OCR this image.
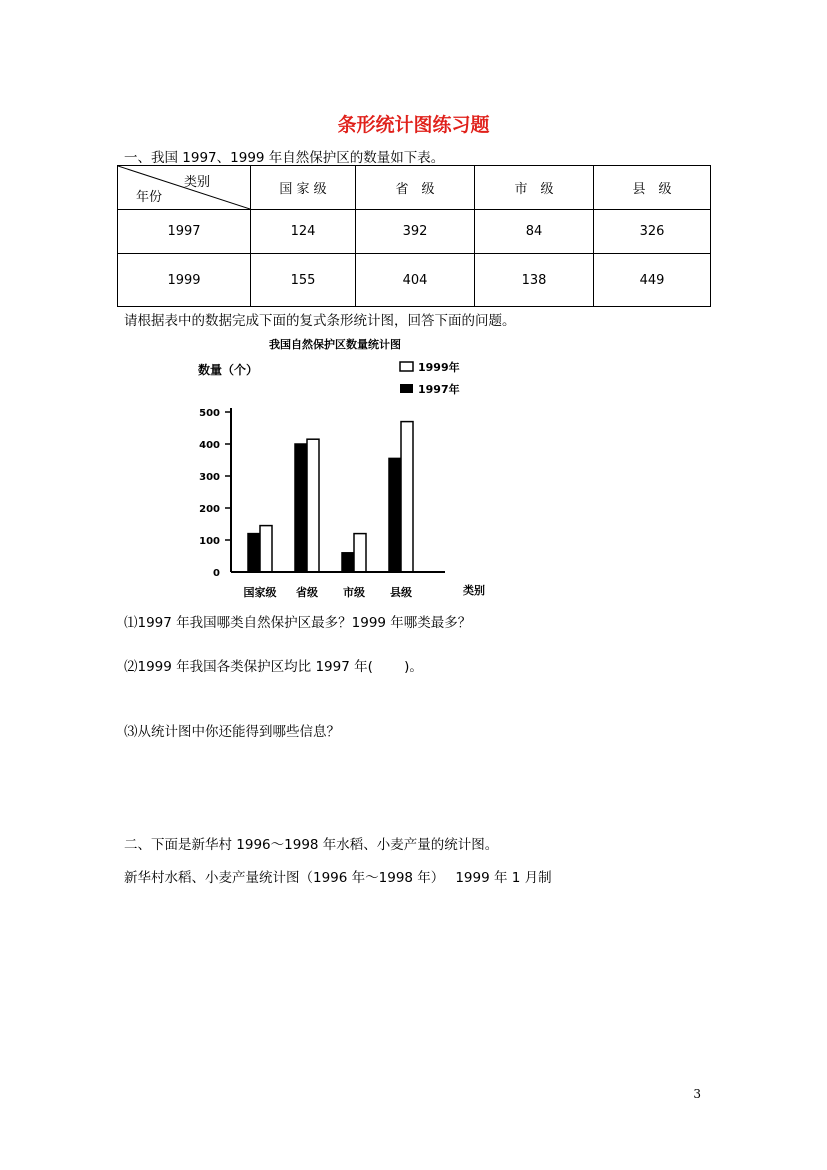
条形统计图练习题
一、我国 1997、1999 年自然保护区的数量如下表。
类别
年份	国 家 级	省　级	市　级	县　级
1997	124	392	84	326
1999	155	404	138	449
请根据表中的数据完成下面的复式条形统计图，回答下面的问题。
我国自然保护区数量统计图
数量（个）	1999年
1997年
0
100
200
300
400
500
国家级 省级 市级 县级	类别
⑴1997 年我国哪类自然保护区最多？1999 年哪类最多？
⑵1999 年我国各类保护区均比 1997 年(　　 )。
⑶从统计图中你还能得到哪些信息？
二、下面是新华村 1996～1998 年水稻、小麦产量的统计图。
新华村水稻、小麦产量统计图（1996 年～1998 年）　 1999 年 1 月制
3
